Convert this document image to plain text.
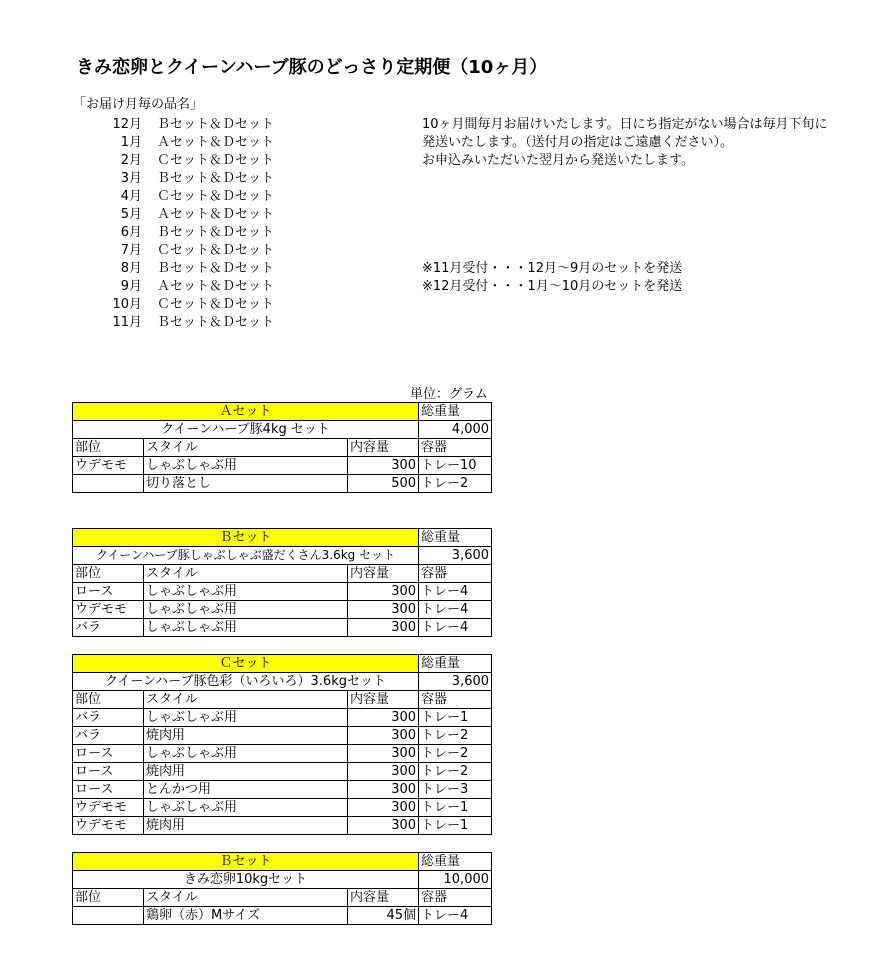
きみ恋卵とクイーンハーブ豚のどっさり定期便（10ヶ月）
「お届け月毎の品名」
12月 Ｂセット＆Ｄセット
1月 Ａセット＆Ｄセット
2月 Ｃセット＆Ｄセット
3月 Ｂセット＆Ｄセット
4月 Ｃセット＆Ｄセット
5月 Ａセット＆Ｄセット
6月 Ｂセット＆Ｄセット
7月 Ｃセット＆Ｄセット
8月 Ｂセット＆Ｄセット
9月 Ａセット＆Ｄセット
10月 Ｃセット＆Ｄセット
11月 Ｂセット＆Ｄセット
10ヶ月間毎月お届けいたします。日にち指定がない場合は毎月下旬に
発送いたします。（送付月の指定はご遠慮ください）。
お申込みいただいた翌月から発送いたします。
※11月受付・・・12月～9月のセットを発送
※12月受付・・・1月～10月のセットを発送
単位：グラム
Ａセット			総重量
クイーンハーブ豚4kg セット			4,000
部位	スタイル	内容量	容器
ウデモモ	しゃぶしゃぶ用	300	トレー10
	切り落とし	500	トレー2
Ｂセット			総重量
クイーンハーブ豚しゃぶしゃぶ盛だくさん3.6kg セット			3,600
部位	スタイル	内容量	容器
ロース	しゃぶしゃぶ用	300	トレー4
ウデモモ	しゃぶしゃぶ用	300	トレー4
バラ	しゃぶしゃぶ用	300	トレー4
Ｃセット			総重量
クイーンハーブ豚色彩（いろいろ）3.6kgセット			3,600
部位	スタイル	内容量	容器
バラ	しゃぶしゃぶ用	300	トレー1
バラ	焼肉用	300	トレー2
ロース	しゃぶしゃぶ用	300	トレー2
ロース	焼肉用	300	トレー2
ロース	とんかつ用	300	トレー3
ウデモモ	しゃぶしゃぶ用	300	トレー1
ウデモモ	焼肉用	300	トレー1
Ｂセット			総重量
きみ恋卵10kgセット			10,000
部位	スタイル	内容量	容器
	鶏卵（赤）Mサイズ	45個	トレー4
